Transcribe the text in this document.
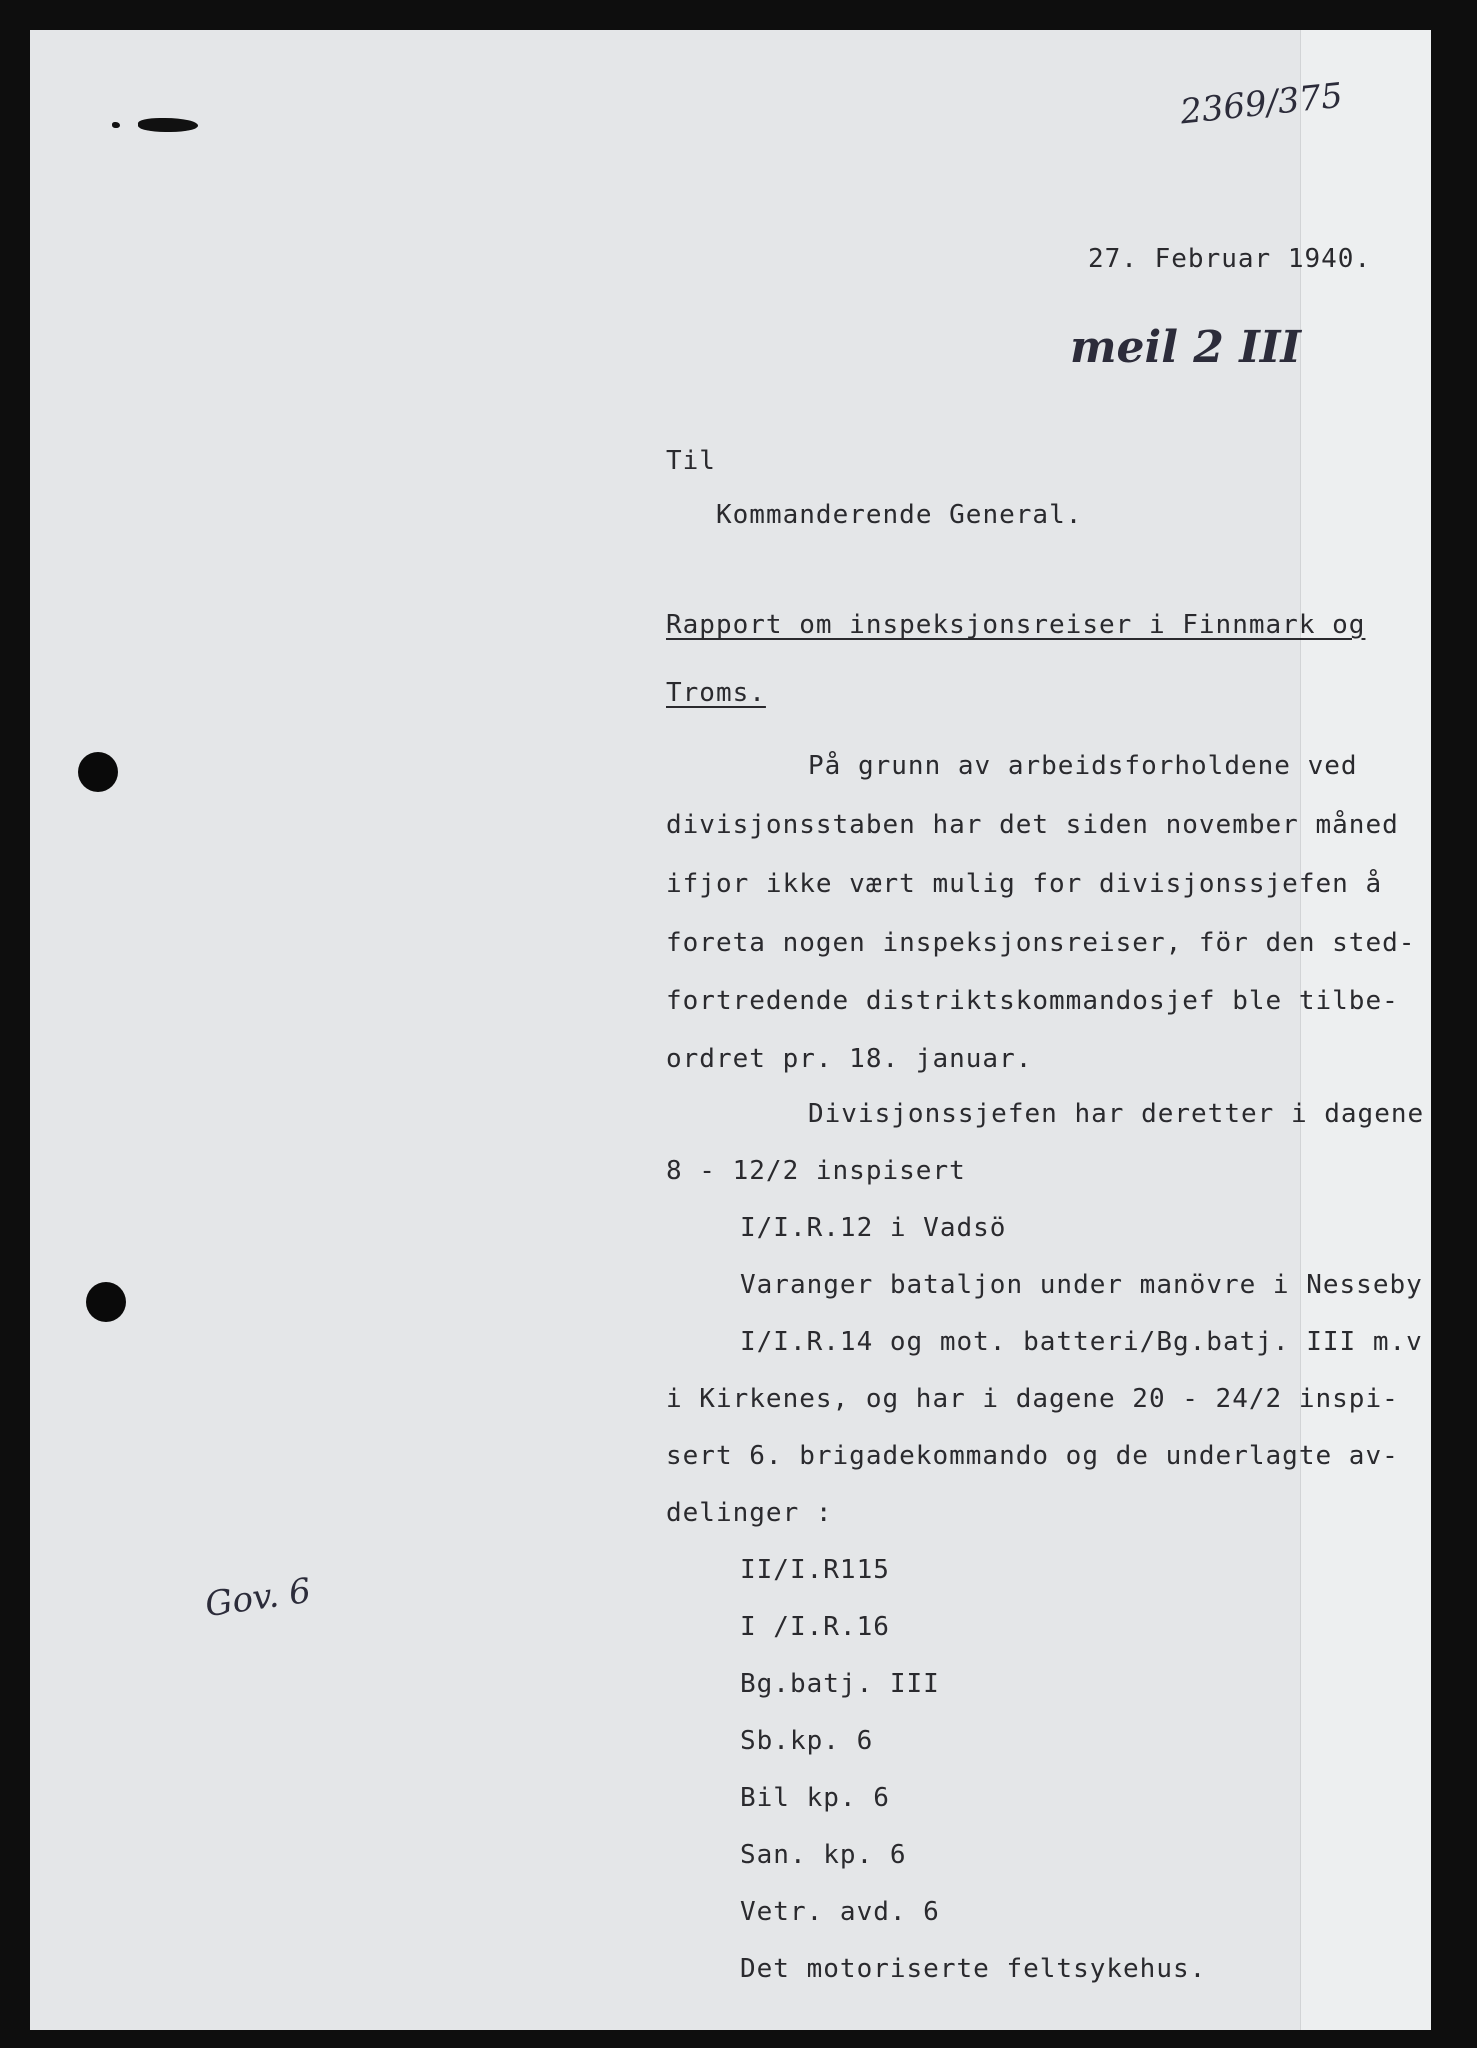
2369/375
meil 2 III
Gov. 6
27. Februar 1940.
Til
Kommanderende General.
Rapport om inspeksjonsreiser i Finnmark og
Troms.
På grunn av arbeidsforholdene ved
divisjonsstaben har det siden november måned
ifjor ikke vært mulig for divisjonssjefen å
foreta nogen inspeksjonsreiser, för den sted-
fortredende distriktskommandosjef ble tilbe-
ordret pr. 18. januar.
Divisjonssjefen har deretter i dagene
8 - 12/2 inspisert
I/I.R.12 i Vadsö
Varanger bataljon under manövre i Nesseby
I/I.R.14 og mot. batteri/Bg.batj. III m.v
i Kirkenes, og har i dagene 20 - 24/2 inspi-
sert 6. brigadekommando og de underlagte av-
delinger :
II/I.R115
I /I.R.16
Bg.batj. III
Sb.kp. 6
Bil kp. 6
San. kp. 6
Vetr. avd. 6
Det motoriserte feltsykehus.
